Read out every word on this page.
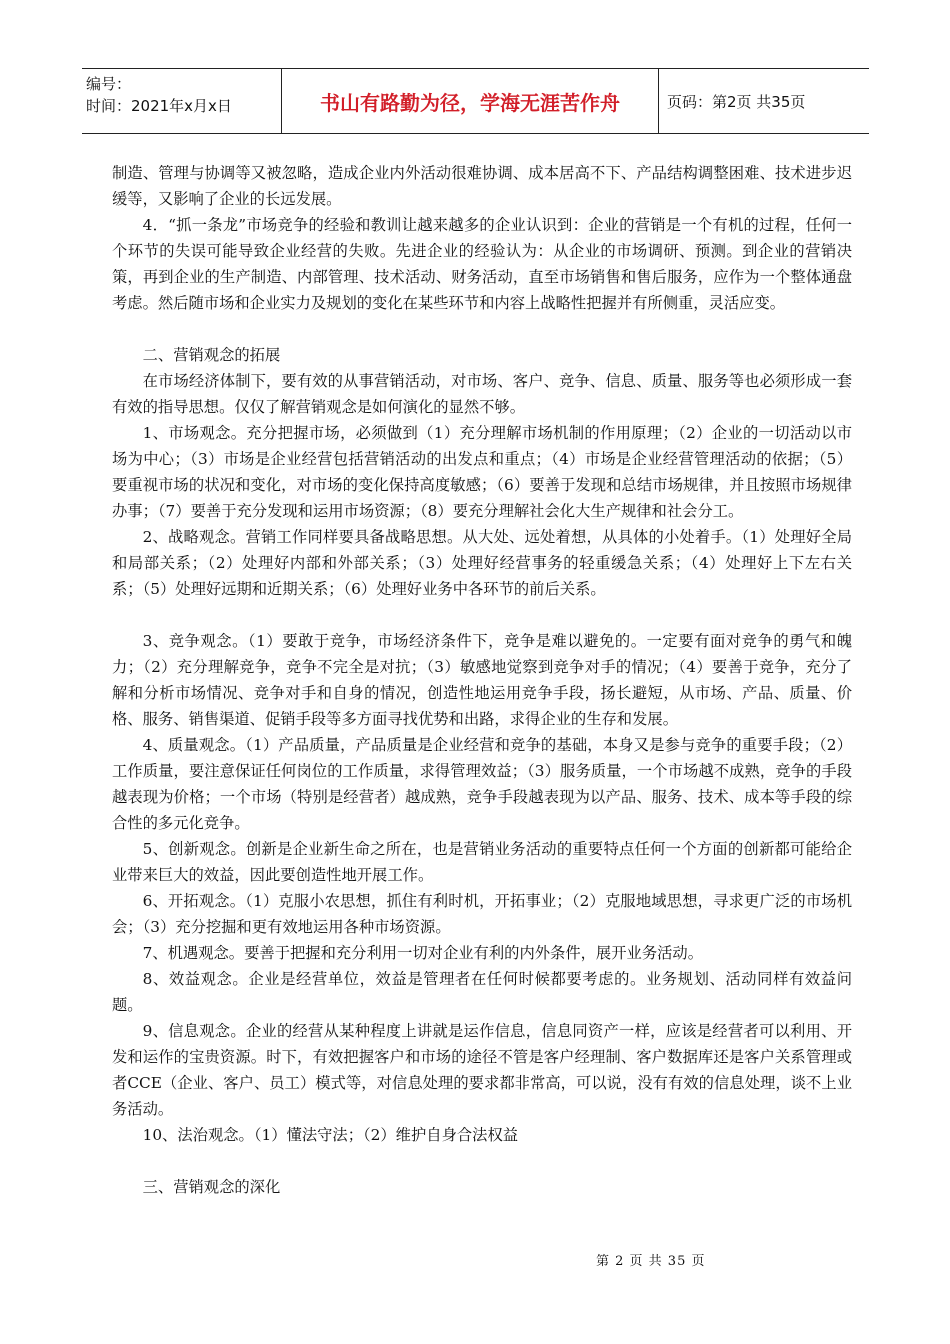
编号：
时间：2021年x月x日	书山有路勤为径，学海无涯苦作舟	页码：第2页 共35页

制造、管理与协调等又被忽略，造成企业内外活动很难协调、成本居高不下、产品结构调整困难、技术进步迟缓等，又影响了企业的长远发展。

4．“抓一条龙”市场竞争的经验和教训让越来越多的企业认识到：企业的营销是一个有机的过程，任何一个环节的失误可能导致企业经营的失败。先进企业的经验认为：从企业的市场调研、预测。到企业的营销决策，再到企业的生产制造、内部管理、技术活动、财务活动，直至市场销售和售后服务，应作为一个整体通盘考虑。然后随市场和企业实力及规划的变化在某些环节和内容上战略性把握并有所侧重，灵活应变。

二、营销观念的拓展

在市场经济体制下，要有效的从事营销活动，对市场、客户、竞争、信息、质量、服务等也必须形成一套有效的指导思想。仅仅了解营销观念是如何演化的显然不够。

1、市场观念。充分把握市场，必须做到（1）充分理解市场机制的作用原理；（2）企业的一切活动以市场为中心；（3）市场是企业经营包括营销活动的出发点和重点；（4）市场是企业经营管理活动的依据；（5）要重视市场的状况和变化，对市场的变化保持高度敏感；（6）要善于发现和总结市场规律，并且按照市场规律办事；（7）要善于充分发现和运用市场资源；（8）要充分理解社会化大生产规律和社会分工。

2、战略观念。营销工作同样要具备战略思想。从大处、远处着想，从具体的小处着手。（1）处理好全局和局部关系；（2）处理好内部和外部关系；（3）处理好经营事务的轻重缓急关系；（4）处理好上下左右关系；（5）处理好远期和近期关系；（6）处理好业务中各环节的前后关系。

3、竞争观念。（1）要敢于竞争，市场经济条件下，竞争是难以避免的。一定要有面对竞争的勇气和魄力；（2）充分理解竞争，竞争不完全是对抗；（3）敏感地觉察到竞争对手的情况；（4）要善于竞争，充分了解和分析市场情况、竞争对手和自身的情况，创造性地运用竞争手段，扬长避短，从市场、产品、质量、价格、服务、销售渠道、促销手段等多方面寻找优势和出路，求得企业的生存和发展。

4、质量观念。（1）产品质量，产品质量是企业经营和竞争的基础，本身又是参与竞争的重要手段；（2）工作质量，要注意保证任何岗位的工作质量，求得管理效益；（3）服务质量，一个市场越不成熟，竞争的手段越表现为价格；一个市场（特别是经营者）越成熟，竞争手段越表现为以产品、服务、技术、成本等手段的综合性的多元化竞争。

5、创新观念。创新是企业新生命之所在，也是营销业务活动的重要特点任何一个方面的创新都可能给企业带来巨大的效益，因此要创造性地开展工作。

6、开拓观念。（1）克服小农思想，抓住有利时机，开拓事业；（2）克服地域思想，寻求更广泛的市场机会；（3）充分挖掘和更有效地运用各种市场资源。

7、机遇观念。要善于把握和充分利用一切对企业有利的内外条件，展开业务活动。

8、效益观念。企业是经营单位，效益是管理者在任何时候都要考虑的。业务规划、活动同样有效益问题。

9、信息观念。企业的经营从某种程度上讲就是运作信息，信息同资产一样，应该是经营者可以利用、开发和运作的宝贵资源。时下，有效把握客户和市场的途径不管是客户经理制、客户数据库还是客户关系管理或者CCE（企业、客户、员工）模式等，对信息处理的要求都非常高，可以说，没有有效的信息处理，谈不上业务活动。

10、法治观念。（1）懂法守法；（2）维护自身合法权益

三、营销观念的深化

第 2 页 共 35 页
